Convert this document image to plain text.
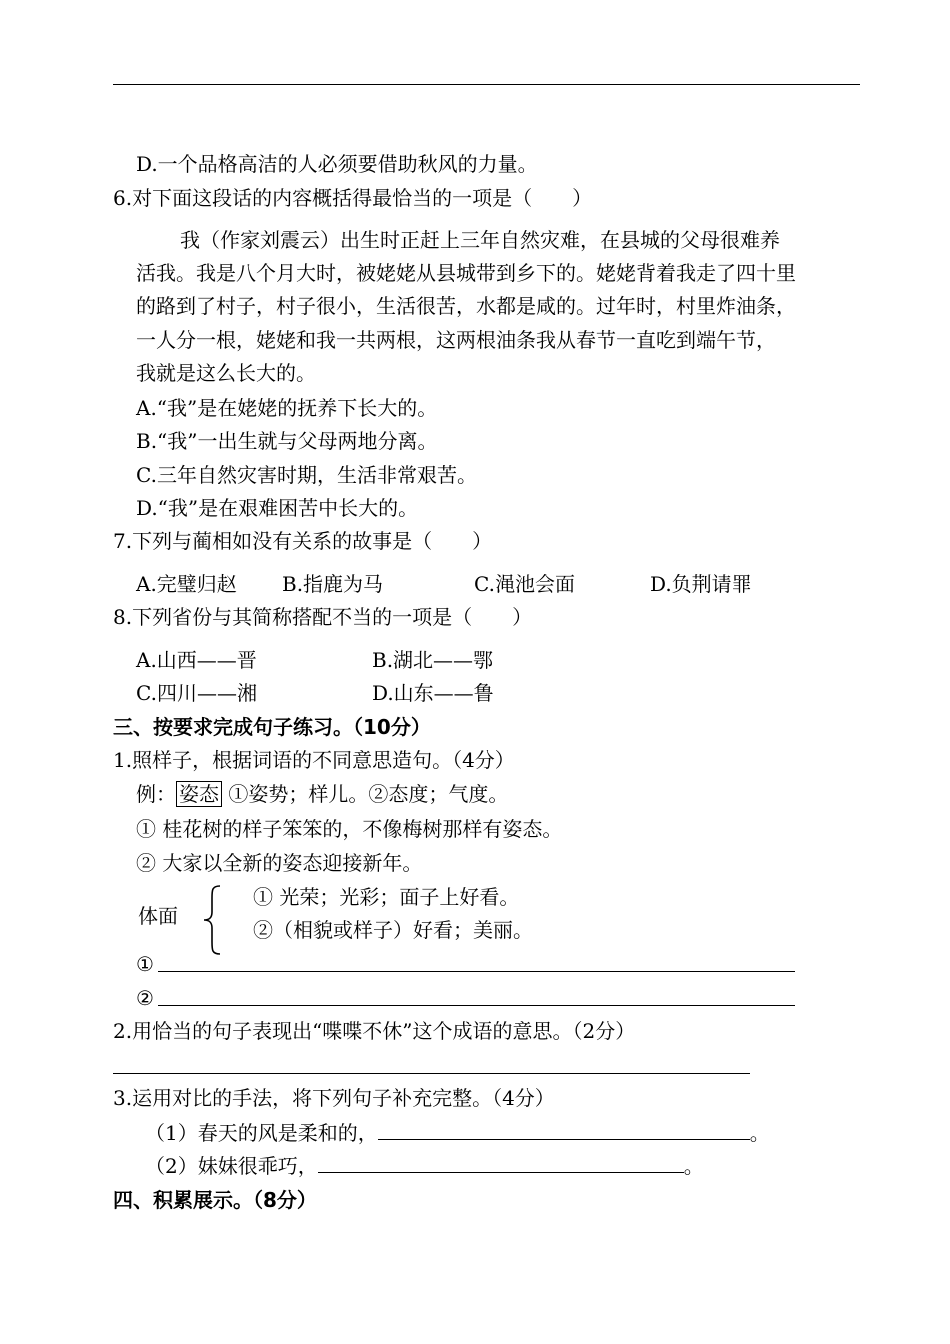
D.一个品格高洁的人必须要借助秋风的力量。
6.对下面这段话的内容概括得最恰当的一项是（　　）
我（作家刘震云）出生时正赶上三年自然灾难，在县城的父母很难养
活我。我是八个月大时，被姥姥从县城带到乡下的。姥姥背着我走了四十里
的路到了村子，村子很小，生活很苦，水都是咸的。过年时，村里炸油条，
一人分一根，姥姥和我一共两根，这两根油条我从春节一直吃到端午节，
我就是这么长大的。
A.“我”是在姥姥的抚养下长大的。
B.“我”一出生就与父母两地分离。
C.三年自然灾害时期，生活非常艰苦。
D.“我”是在艰难困苦中长大的。
7.下列与蔺相如没有关系的故事是（　　）
A.完璧归赵 B.指鹿为马	C.渑池会面	D.负荆请罪
8.下列省份与其简称搭配不当的一项是（　　）
A.山西——晋	B.湖北——鄂
C.四川——湘	D.山东——鲁
三、按要求完成句子练习。（10分）
1.照样子，根据词语的不同意思造句。（4分）
例： 姿态 ①姿势；样儿。②态度；气度。
① 桂花树的样子笨笨的，不像梅树那样有姿态。
② 大家以全新的姿态迎接新年。
体面
① 光荣；光彩；面子上好看。
②（相貌或样子）好看；美丽。
①
②
2.用恰当的句子表现出“喋喋不休”这个成语的意思。（2分）
3.运用对比的手法，将下列句子补充完整。（4分）
（1）春天的风是柔和的，	。
（2）妹妹很乖巧，	。
四、积累展示。（8分）
